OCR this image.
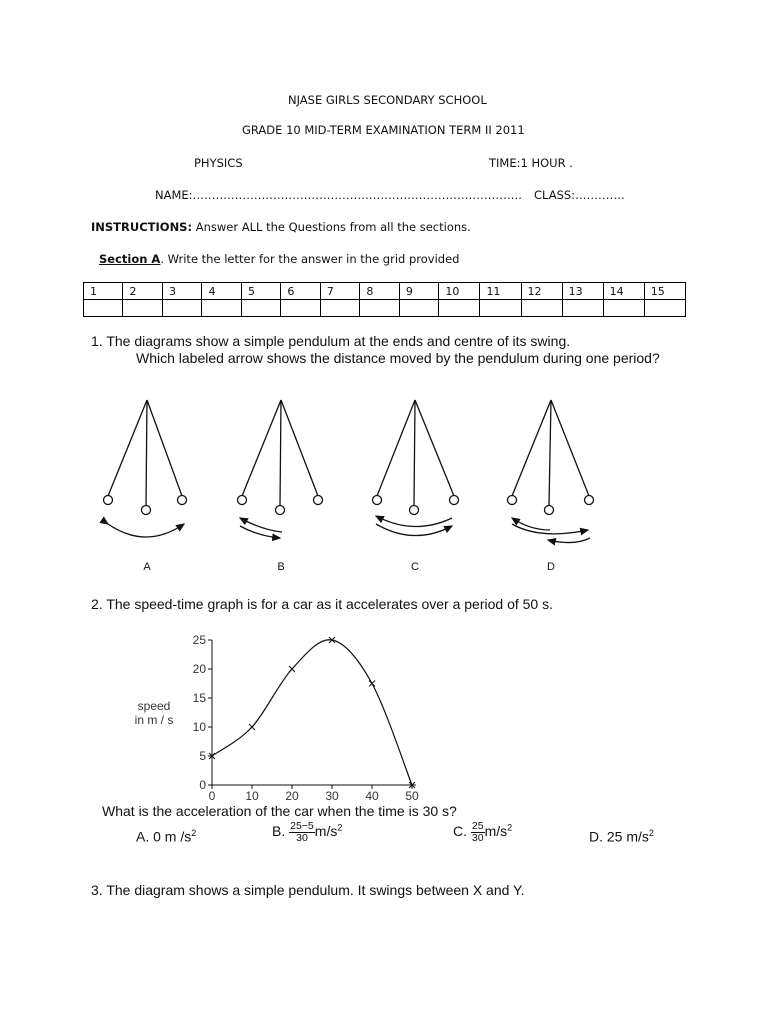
NJASE GIRLS SECONDARY SCHOOL
GRADE 10 MID-TERM EXAMINATION TERM II 2011
PHYSICS	TIME:1 HOUR .
NAME:………………………………………………………………………….. CLASS:………….
INSTRUCTIONS: Answer ALL the Questions from all the sections.
Section A. Write the letter for the answer in the grid provided
1	2	3	4	5	6	7	8	9	10	11	12	13	14	15

1. The diagrams show a simple pendulum at the ends and centre of its swing.
Which labeled arrow shows the distance moved by the pendulum during one period?
A	B	C	D
2. The speed-time graph is for a car as it accelerates over a period of 50 s.
0
5
10
15
20
25
0 10 20 30 40 50
speed
in m / s
What is the acceleration of the car when the time is 30 s?
A. 0 m $/s^2$	B. $\frac{25-5}{30} m/s^2$	C. $\frac{25}{30} m/s^2$
D. 25 $m/s^2$
3. The diagram shows a simple pendulum. It swings between X and Y.
